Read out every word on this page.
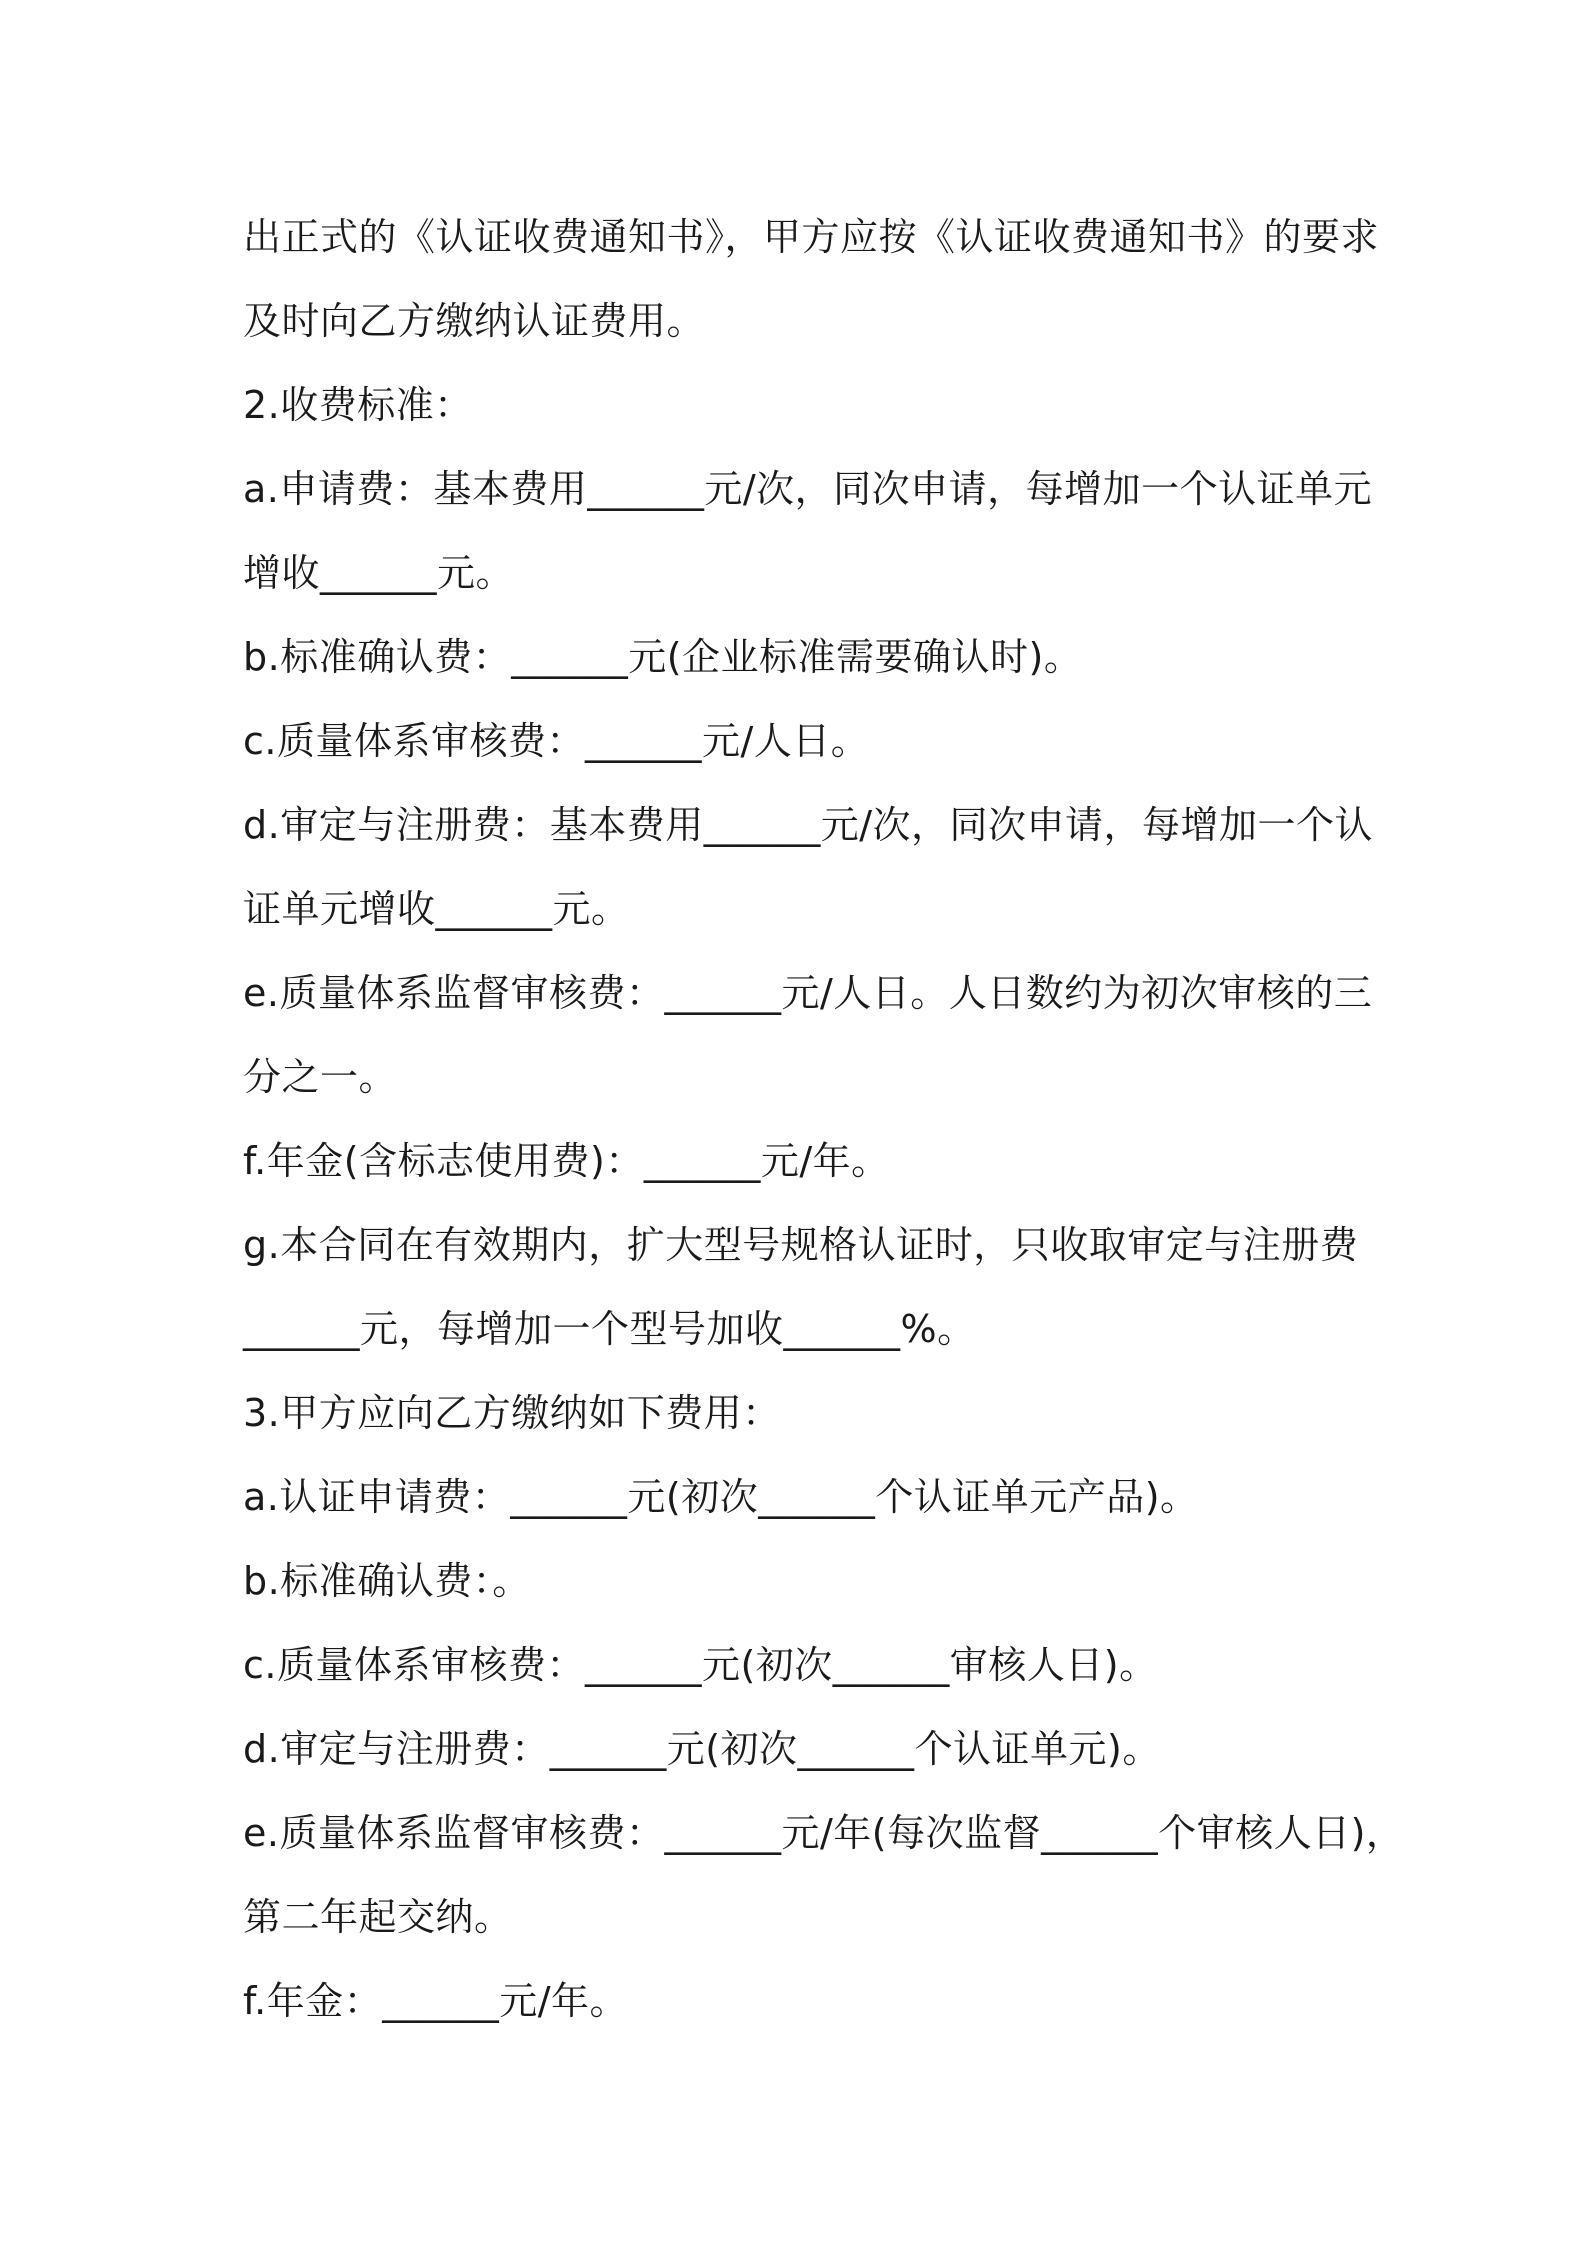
出正式的《认证收费通知书》，甲方应按《认证收费通知书》的要求
及时向乙方缴纳认证费用。
2.收费标准：
a.申请费：基本费用______元/次，同次申请，每增加一个认证单元
增收______元。
b.标准确认费：______元(企业标准需要确认时)。
c.质量体系审核费：______元/人日。
d.审定与注册费：基本费用______元/次，同次申请，每增加一个认
证单元增收______元。
e.质量体系监督审核费：______元/人日。人日数约为初次审核的三
分之一。
f.年金(含标志使用费)：______元/年。
g.本合同在有效期内，扩大型号规格认证时，只收取审定与注册费
______元，每增加一个型号加收______%。
3.甲方应向乙方缴纳如下费用：
a.认证申请费：______元(初次______个认证单元产品)。
b.标准确认费：。
c.质量体系审核费：______元(初次______审核人日)。
d.审定与注册费：______元(初次______个认证单元)。
e.质量体系监督审核费：______元/年(每次监督______个审核人日)，
第二年起交纳。
f.年金：______元/年。
